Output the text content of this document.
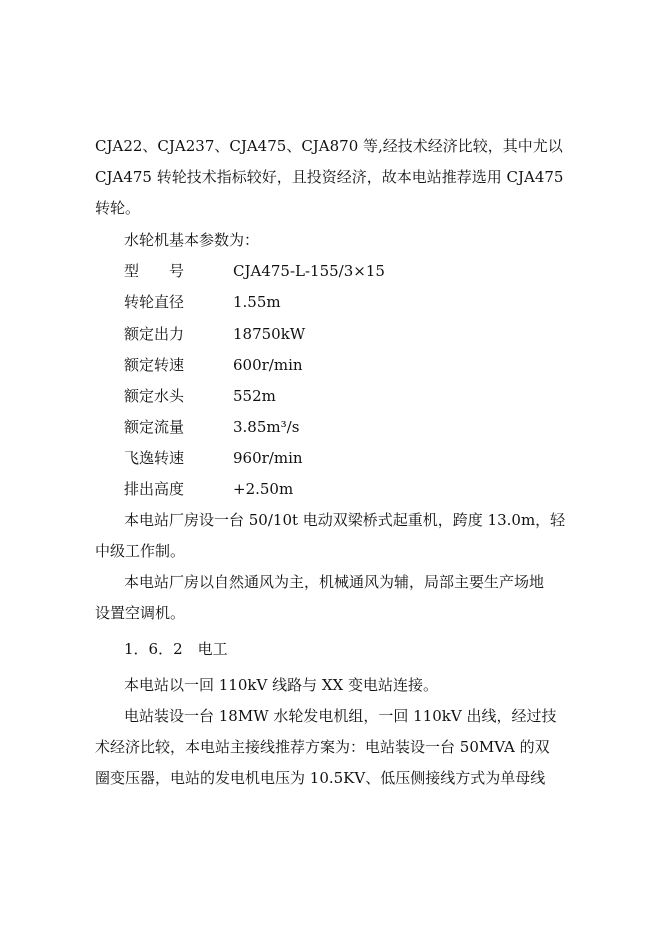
CJA22、CJA237、CJA475、CJA870 等,经技术经济比较，其中尤以
CJA475 转轮技术指标较好，且投资经济，故本电站推荐选用 CJA475
转轮。
水轮机基本参数为：
型　　号	CJA475-L-155/3×15
转轮直径	1.55m
额定出力	18750kW
额定转速	600r/min
额定水头	552m
额定流量	3.85m³/s
飞逸转速	960r/min
排出高度	+2.50m
本电站厂房设一台 50/10t 电动双梁桥式起重机，跨度 13.0m，轻
中级工作制。
本电站厂房以自然通风为主，机械通风为辅，局部主要生产场地
设置空调机。
1．6．2　电工
本电站以一回 110kV 线路与 XX 变电站连接。
电站装设一台 18MW 水轮发电机组，一回 110kV 出线，经过技
术经济比较，本电站主接线推荐方案为：电站装设一台 50MVA 的双
圈变压器，电站的发电机电压为 10.5KV、低压侧接线方式为单母线
